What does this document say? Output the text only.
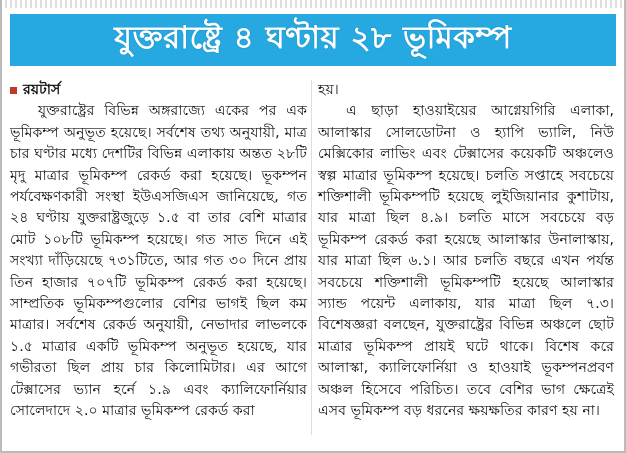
যুক্তরাষ্ট্রে ৪ ঘণ্টায় ২৮ ভূমিকম্প
রয়টার্স

যুক্তরাষ্ট্রের বিভিন্ন অঙ্গরাজ্যে একের পর এক ভূমিকম্প অনুভূত হয়েছে। সর্বশেষ তথ্য অনুযায়ী, মাত্র চার ঘণ্টার মধ্যে দেশটির বিভিন্ন এলাকায় অন্তত ২৮টি মৃদু মাত্রার ভূমিকম্প রেকর্ড করা হয়েছে। ভূকম্পন পর্যবেক্ষণকারী সংস্থা ইউএসজিএস জানিয়েছে, গত ২৪ ঘণ্টায় যুক্তরাষ্ট্রজুড়ে ১.৫ বা তার বেশি মাত্রার মোট ১০৮টি ভূমিকম্প হয়েছে। গত সাত দিনে এই সংখ্যা দাঁড়িয়েছে ৭৩১টিতে, আর গত ৩০ দিনে প্রায় তিন হাজার ৭০৭টি ভূমিকম্প রেকর্ড করা হয়েছে। সাম্প্রতিক ভূমিকম্পগুলোর বেশির ভাগই ছিল কম মাত্রার। সর্বশেষ রেকর্ড অনুযায়ী, নেভাদার লাভলকে ১.৫ মাত্রার একটি ভূমিকম্প অনুভূত হয়েছে, যার গভীরতা ছিল প্রায় চার কিলোমিটার। এর আগে টেক্সাসের ভ্যান হর্নে ১.৯ এবং ক্যালিফোর্নিয়ার সোলেদাদে ২.০ মাত্রার ভূমিকম্প রেকর্ড করা

হয়।

এ ছাড়া হাওয়াইয়ের আগ্নেয়গিরি এলাকা, আলাস্কার সোলডোটনা ও হ্যাপি ভ্যালি, নিউ মেক্সিকোর লাভিং এবং টেক্সাসের কয়েকটি অঞ্চলেও স্বল্প মাত্রার ভূমিকম্প হয়েছে। চলতি সপ্তাহে সবচেয়ে শক্তিশালী ভূমিকম্পটি হয়েছে লুইজিয়ানার কুশাটায়, যার মাত্রা ছিল ৪.৯। চলতি মাসে সবচেয়ে বড় ভূমিকম্প রেকর্ড করা হয়েছে আলাস্কার উনালাস্কায়, যার মাত্রা ছিল ৬.১। আর চলতি বছরে এখন পর্যন্ত সবচেয়ে শক্তিশালী ভূমিকম্পটি হয়েছে আলাস্কার স্যান্ড পয়েন্ট এলাকায়, যার মাত্রা ছিল ৭.৩। বিশেষজ্ঞরা বলছেন, যুক্তরাষ্ট্রের বিভিন্ন অঞ্চলে ছোট মাত্রার ভূমিকম্প প্রায়ই ঘটে থাকে। বিশেষ করে আলাস্কা, ক্যালিফোর্নিয়া ও হাওয়াই ভূকম্পনপ্রবণ অঞ্চল হিসেবে পরিচিত। তবে বেশির ভাগ ক্ষেত্রেই এসব ভূমিকম্প বড় ধরনের ক্ষয়ক্ষতির কারণ হয় না।
